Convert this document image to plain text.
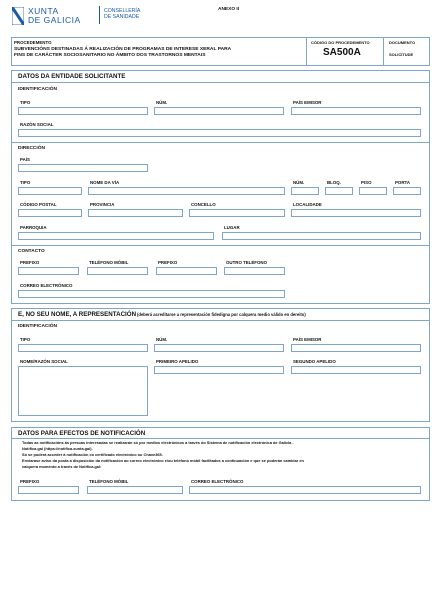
XUNTA
DE GALICIA
CONSELLERÍA
DE SANIDADE
ANEXO II
PROCEDEMENTO
SUBVENCIÓNS DESTINADAS Á REALIZACIÓN DE PROGRAMAS DE INTERESE XERAL PARA
FINS DE CARÁCTER SOCIOSANITARIO NO ÁMBITO DOS TRASTORNOS MENTAIS
CÓDIGO DO PROCEDEMENTO
SA500A
DOCUMENTO
SOLICITUDE
DATOS DA ENTIDADE SOLICITANTE
IDENTIFICACIÓN
TIPO	NÚM.	PAÍS EMISOR
RAZÓN SOCIAL
DIRECCIÓN
PAÍS
TIPO	NOME DA VÍA	NÚM.	BLOQ.	PISO	PORTA
CÓDIGO POSTAL	PROVINCIA	CONCELLO	LOCALIDADE
PARROQUIA	LUGAR
CONTACTO
PREFIXO	TELÉFONO MÓBIL	PREFIXO	OUTRO TELÉFONO
CORREO ELECTRÓNICO
E, NO SEU NOME, A REPRESENTACIÓN (deberá acreditarse a representación fidedigna por calquera medio válido en dereito)
IDENTIFICACIÓN
TIPO	NÚM.	PAÍS EMISOR
NOME/RAZÓN SOCIAL	PRIMEIRO APELIDO	SEGUNDO APELIDO
DATOS PARA EFECTOS DE NOTIFICACIÓN
Todas as notificacións ás persoas interesadas se realizarán só por medios electrónicos a través do Sistema de notificación electrónica de Galicia -
Notifica.gal (https://notifica.xunta.gal).
Só se poderá acceder á notificación co certificado electrónico ou Chave365.
Enviarase aviso da posta á disposición da notificación ao correo electrónico e/ou teléfono móbil facilitados a continuación e que se poderán cambiar en
calquera momento a través de Notifica.gal:
PREFIXO	TELÉFONO MÓBIL	CORREO ELECTRÓNICO
